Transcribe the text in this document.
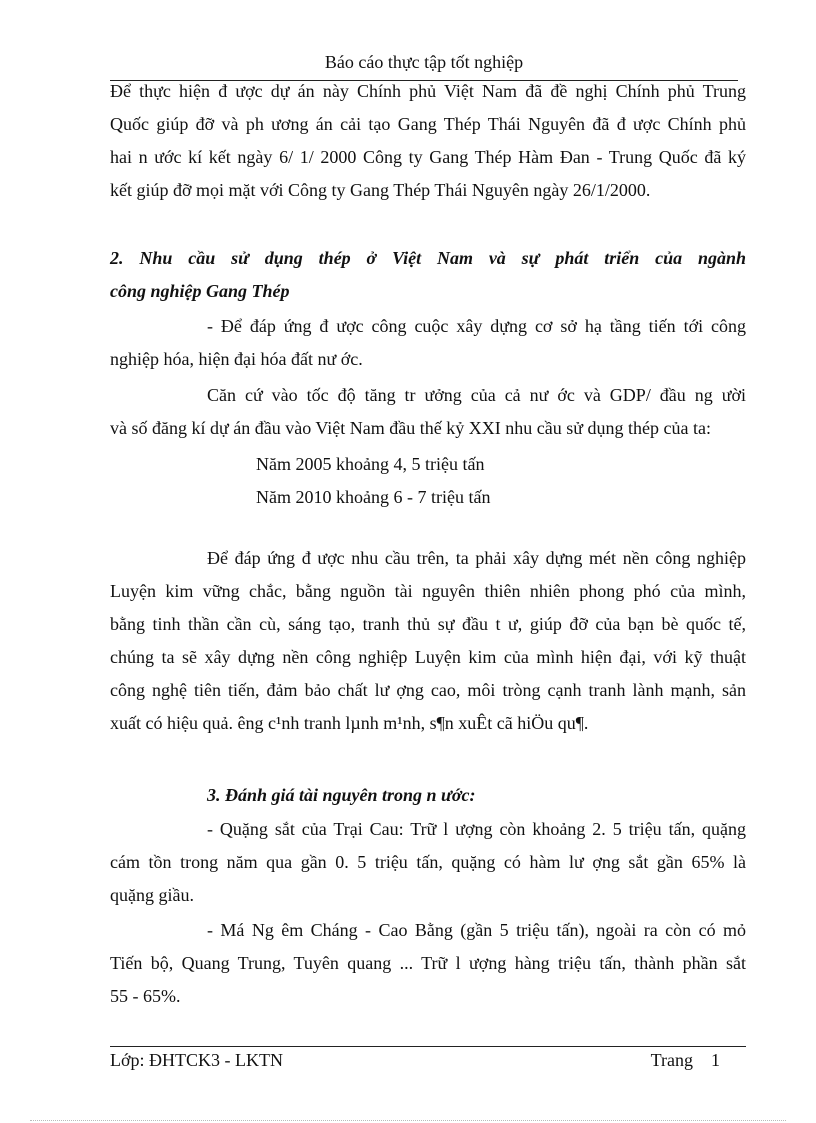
Báo cáo thực tập tốt nghiệp
Để thực hiện đ ược dự án này Chính phủ Việt Nam đã đề nghị Chính phủ Trung
Quốc giúp đỡ và ph ương án cải tạo Gang Thép Thái Nguyên đã đ ược Chính phủ
hai n ước kí kết ngày 6/ 1/ 2000 Công ty Gang Thép Hàm Đan - Trung Quốc đã ký
kết giúp đỡ mọi mặt với Công ty Gang Thép Thái Nguyên ngày 26/1/2000.
2. Nhu cầu sử dụng thép ở Việt Nam và sự phát triển của ngành
công nghiệp Gang Thép
- Để đáp ứng đ ược công cuộc xây dựng cơ sở hạ tầng tiến tới công
nghiệp hóa, hiện đại hóa đất nư ớc.
Căn cứ vào tốc độ tăng tr ưởng của cả nư ớc và GDP/ đầu ng ười
và số đăng kí dự án đầu vào Việt Nam đầu thế kỷ XXI nhu cầu sử dụng thép của ta:
Năm 2005 khoảng 4, 5 triệu tấn
Năm 2010 khoảng 6 - 7 triệu tấn
Để đáp ứng đ ược nhu cầu trên, ta phải xây dựng mét nền công nghiệp
Luyện kim vững chắc, bằng nguồn tài nguyên thiên nhiên phong phó của mình,
bằng tinh thần cần cù, sáng tạo, tranh thủ sự đầu t ư, giúp đỡ của bạn bè quốc tế,
chúng ta sẽ xây dựng nền công nghiệp Luyện kim của mình hiện đại, với kỹ thuật
công nghệ tiên tiến, đảm bảo chất lư ợng cao, môi tròng cạnh tranh lành mạnh, sản
xuất có hiệu quả. êng c¹nh tranh lµnh m¹nh, s¶n xuÊt cã hiÖu qu¶.
3. Đánh giá tài nguyên trong n ước:
- Quặng sắt của Trại Cau: Trữ l ượng còn khoảng 2. 5 triệu tấn, quặng
cám tồn trong năm qua gần 0. 5 triệu tấn, quặng có hàm lư ợng sắt gần 65% là
quặng giầu.
- Má Ng êm Cháng - Cao Bằng (gần 5 triệu tấn), ngoài ra còn có mỏ
Tiến bộ, Quang Trung, Tuyên quang ... Trữ l ượng hàng triệu tấn, thành phần sắt
55 - 65%.
Lớp: ĐHTCK3 - LKTN	Trang    1
